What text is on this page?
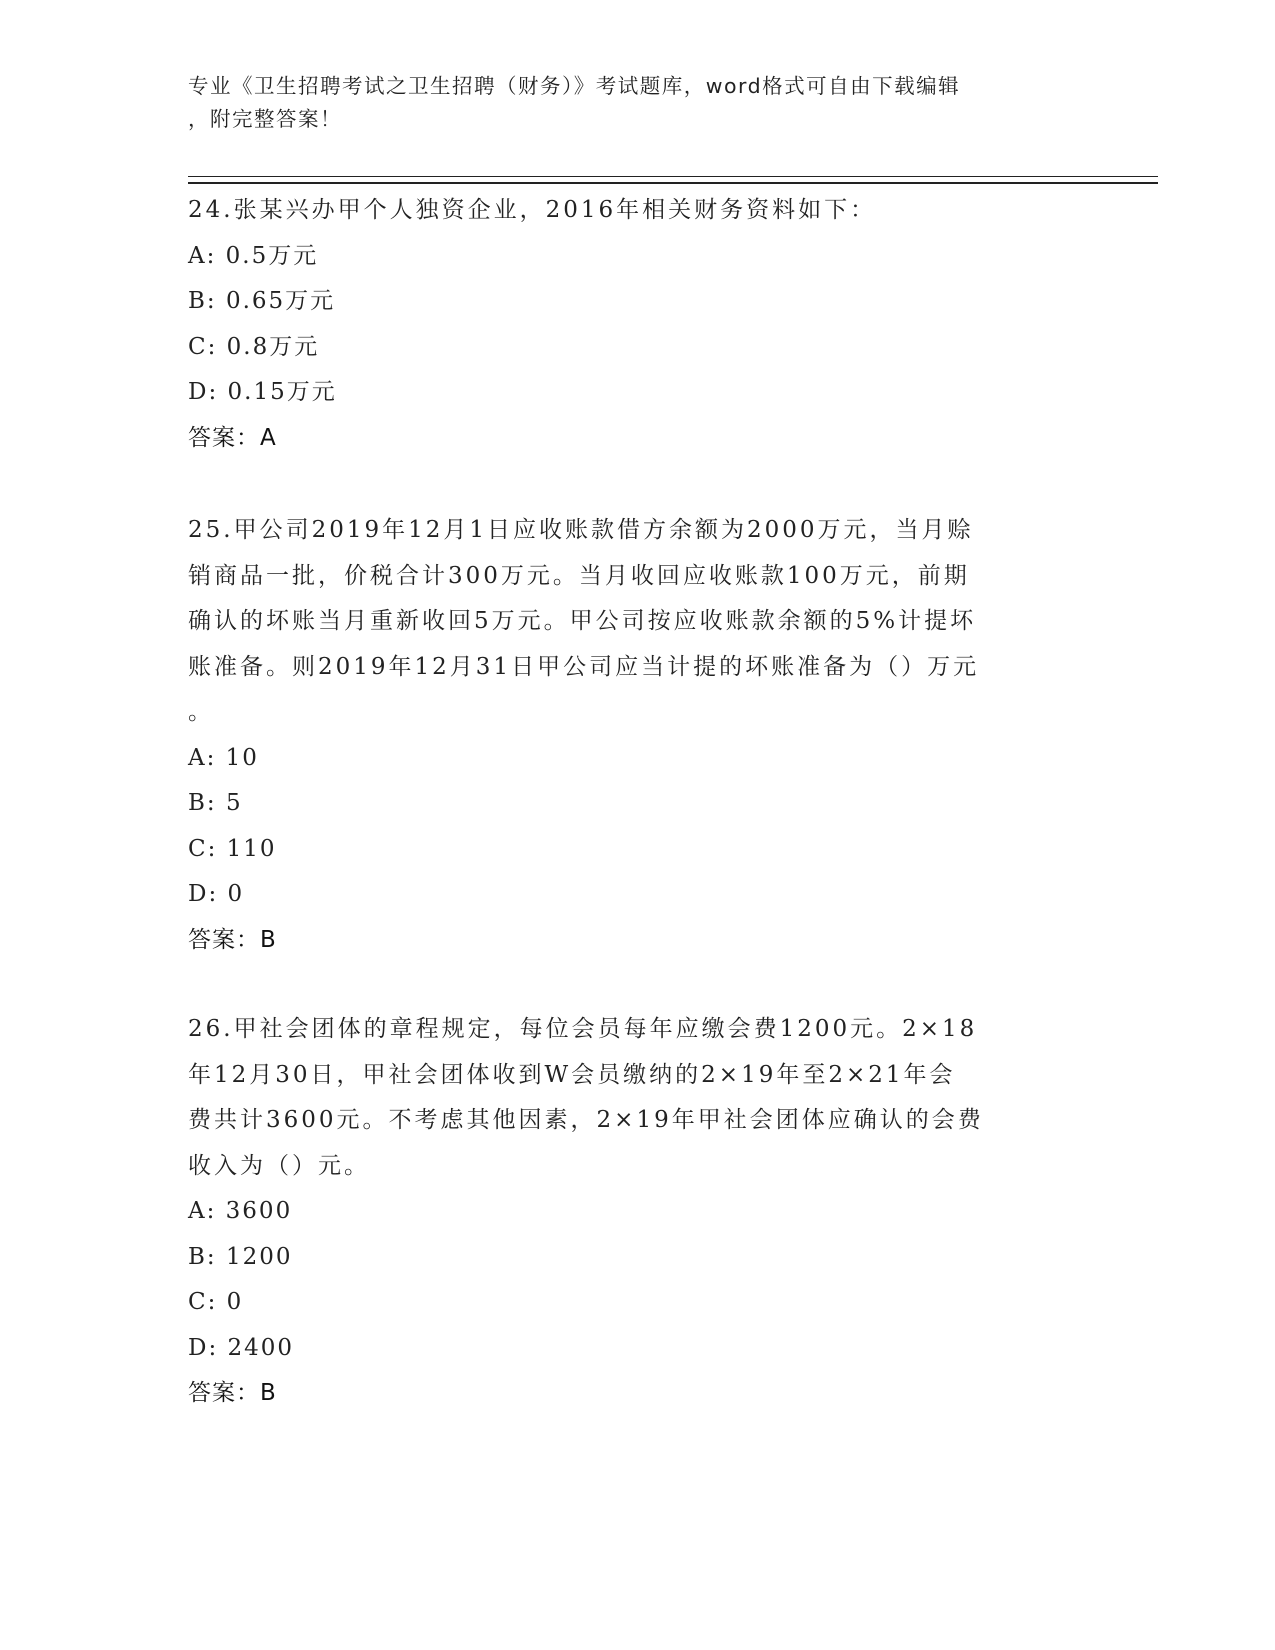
专业《卫生招聘考试之卫生招聘（财务）》考试题库，word格式可自由下载编辑
，附完整答案！

24.张某兴办甲个人独资企业，2016年相关财务资料如下：

A: 0.5万元

B: 0.65万元

C: 0.8万元

D: 0.15万元

答案：A

25.甲公司2019年12月1日应收账款借方余额为2000万元，当月赊

销商品一批，价税合计300万元。当月收回应收账款100万元，前期

确认的坏账当月重新收回5万元。甲公司按应收账款余额的5%计提坏

账准备。则2019年12月31日甲公司应当计提的坏账准备为（）万元

。

A: 10

B: 5

C: 110

D: 0

答案：B

26.甲社会团体的章程规定，每位会员每年应缴会费1200元。2×18

年12月30日，甲社会团体收到W会员缴纳的2×19年至2×21年会

费共计3600元。不考虑其他因素，2×19年甲社会团体应确认的会费

收入为（）元。

A: 3600

B: 1200

C: 0

D: 2400

答案：B
